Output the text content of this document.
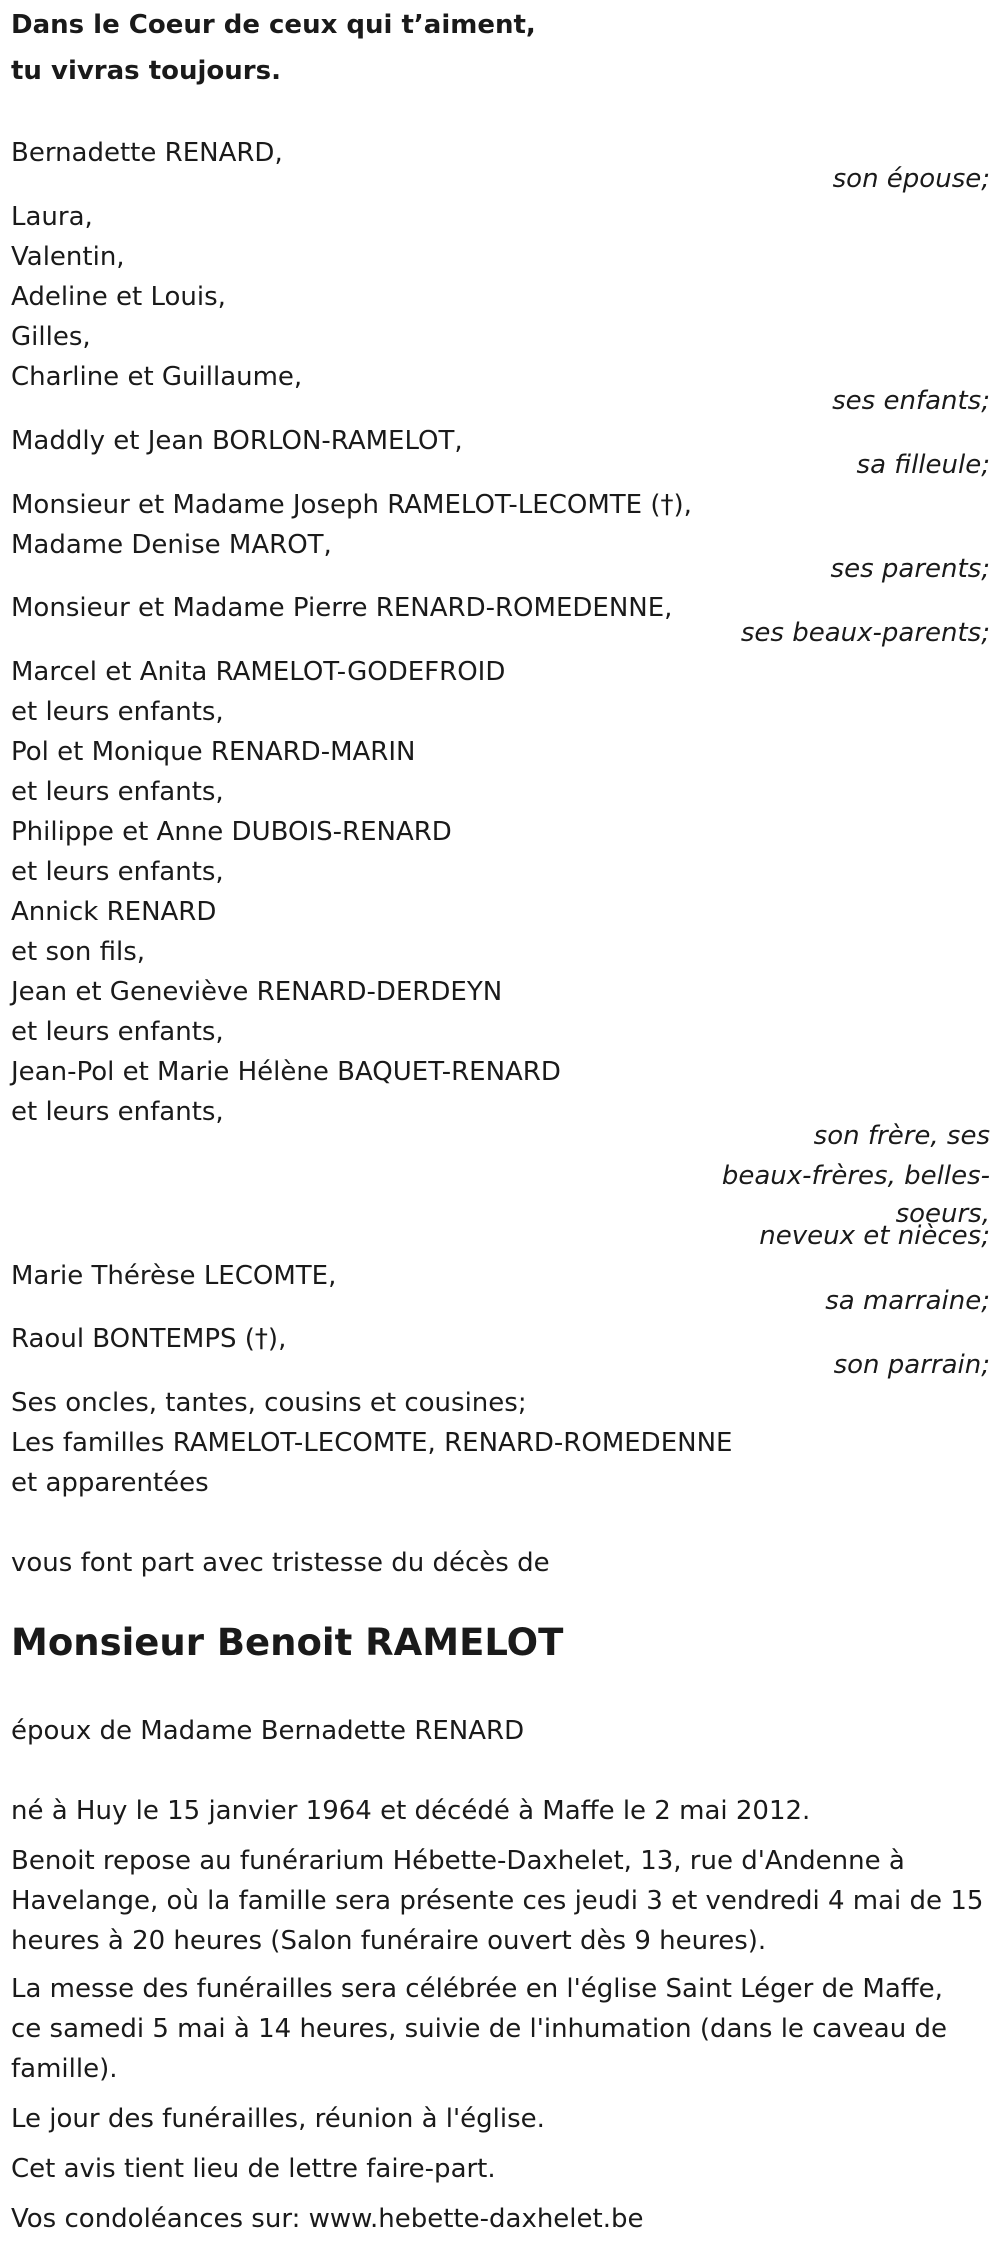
Dans le Coeur de ceux qui t’aiment,
tu vivras toujours.
Bernadette RENARD,
son épouse;
Laura,
Valentin,
Adeline et Louis,
Gilles,
Charline et Guillaume,
ses enfants;
Maddly et Jean BORLON-RAMELOT,
sa filleule;
Monsieur et Madame Joseph RAMELOT-LECOMTE (†),
Madame Denise MAROT,
ses parents;
Monsieur et Madame Pierre RENARD-ROMEDENNE,
ses beaux-parents;
Marcel et Anita RAMELOT-GODEFROID
et leurs enfants,
Pol et Monique RENARD-MARIN
et leurs enfants,
Philippe et Anne DUBOIS-RENARD
et leurs enfants,
Annick RENARD
et son fils,
Jean et Geneviève RENARD-DERDEYN
et leurs enfants,
Jean-Pol et Marie Hélène BAQUET-RENARD
et leurs enfants,
son frère, ses
beaux-frères, belles-
soeurs,
neveux et nièces;
Marie Thérèse LECOMTE,
sa marraine;
Raoul BONTEMPS (†),
son parrain;
Ses oncles, tantes, cousins et cousines;
Les familles RAMELOT-LECOMTE, RENARD-ROMEDENNE
et apparentées
vous font part avec tristesse du décès de
Monsieur Benoit RAMELOT
époux de Madame Bernadette RENARD
né à Huy le 15 janvier 1964 et décédé à Maffe le 2 mai 2012.
Benoit repose au funérarium Hébette-Daxhelet, 13, rue d'Andenne à
Havelange, où la famille sera présente ces jeudi 3 et vendredi 4 mai de 15
heures à 20 heures (Salon funéraire ouvert dès 9 heures).
La messe des funérailles sera célébrée en l'église Saint Léger de Maffe,
ce samedi 5 mai à 14 heures, suivie de l'inhumation (dans le caveau de
famille).
Le jour des funérailles, réunion à l'église.
Cet avis tient lieu de lettre faire-part.
Vos condoléances sur: www.hebette-daxhelet.be
